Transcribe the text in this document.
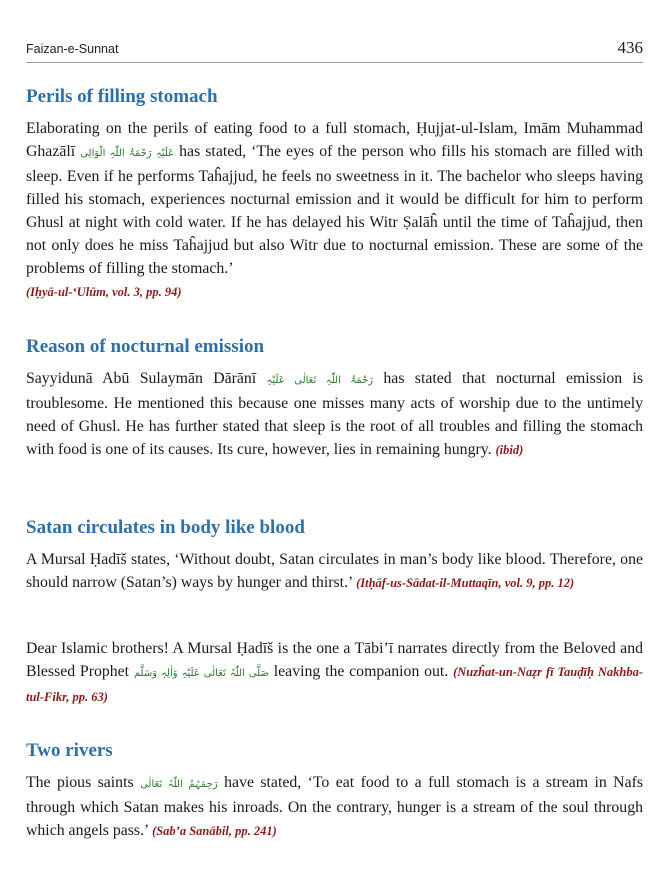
Faizan-e-Sunnat	436
Perils of filling stomach

Elaborating on the perils of eating food to a full stomach, Ḥujjat-ul-Islam, Imām Muhammad Ghazālī عَلَیْہِ رَحْمَۃُ اللّٰہِ الْوَالِی has stated, ‘The eyes of the person who fills his stomach are filled with sleep. Even if he performs Taĥajjud, he feels no sweetness in it. The bachelor who sleeps having filled his stomach, experiences nocturnal emission and it would be difficult for him to perform Ghusl at night with cold water. If he has delayed his Witr Ṣalāĥ until the time of Taĥajjud, then not only does he miss Taĥajjud but also Witr due to nocturnal emission. These are some of the problems of filling the stomach.’
(Iḥyā-ul-‘Ulūm, vol. 3, pp. 94)

Reason of nocturnal emission

Sayyidunā Abū Sulaymān Dārānī رَحْمَۃُ اللّٰہِ تَعَالٰی عَلَیْہِ has stated that nocturnal emission is troublesome. He mentioned this because one misses many acts of worship due to the untimely need of Ghusl. He has further stated that sleep is the root of all troubles and filling the stomach with food is one of its causes. Its cure, however, lies in remaining hungry. (ibid)

Satan circulates in body like blood

A Mursal Ḥadīš states, ‘Without doubt, Satan circulates in man’s body like blood. Therefore, one should narrow (Satan’s) ways by hunger and thirst.’ (Itḥāf-us-Sādat-il-Muttaqīn, vol. 9, pp. 12)

Dear Islamic brothers! A Mursal Ḥadīš is the one a Tābi’ī narrates directly from the Beloved and Blessed Prophet صَلَّی اللّٰہُ تَعَالٰی عَلَیْہِ وَاٰلِہٖ وَسَلَّم leaving the companion out. (Nuzĥat-un-Naẓr fī Tauḍīḥ Nakhba-tul-Fikr, pp. 63)

Two rivers

The pious saints رَحِمَہُمُ اللّٰہُ تَعَالٰی have stated, ‘To eat food to a full stomach is a stream in Nafs through which Satan makes his inroads. On the contrary, hunger is a stream of the soul through which angels pass.’ (Sab’a Sanābil, pp. 241)
